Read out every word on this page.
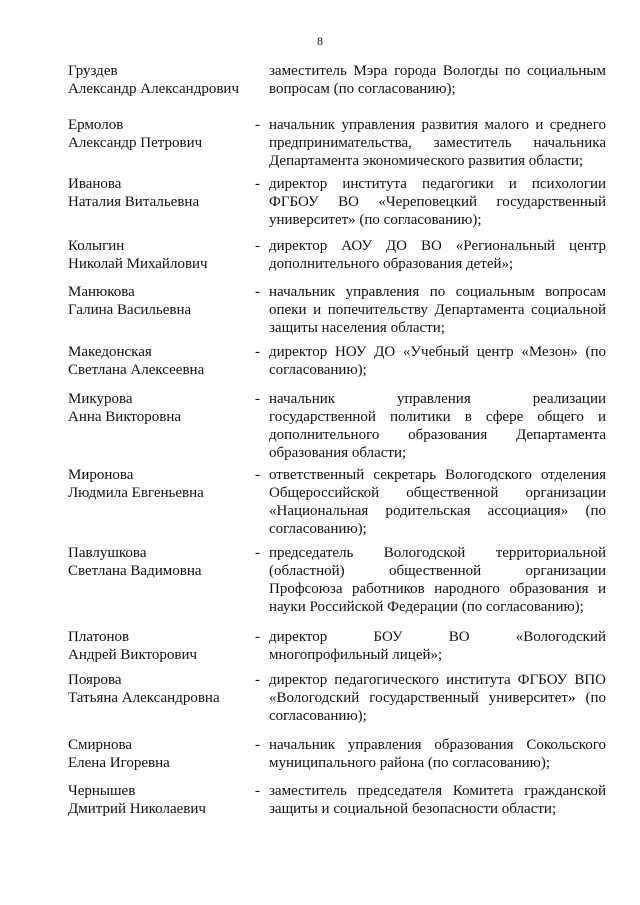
8
Груздев
Александр Александрович
заместитель Мэра города Вологды по социальным
вопросам (по согласованию);
Ермолов
Александр Петрович
- начальник управления развития малого и среднего
предпринимательства, заместитель начальника
Департамента экономического развития области;
Иванова
Наталия Витальевна
- директор института педагогики и психологии
ФГБОУ ВО «Череповецкий государственный
университет» (по согласованию);
Колыгин
Николай Михайлович
- директор АОУ ДО ВО «Региональный центр
дополнительного образования детей»;
Манюкова
Галина Васильевна
- начальник управления по социальным вопросам
опеки и попечительству Департамента социальной
защиты населения области;
Македонская
Светлана Алексеевна
- директор НОУ ДО «Учебный центр «Мезон» (по
согласованию);
Микурова
Анна Викторовна
- начальник управления реализации
государственной политики в сфере общего и
дополнительного образования Департамента
образования области;
Миронова
Людмила Евгеньевна
- ответственный секретарь Вологодского отделения
Общероссийской общественной организации
«Национальная родительская ассоциация» (по
согласованию);
Павлушкова
Светлана Вадимовна
- председатель Вологодской территориальной
(областной) общественной организации
Профсоюза работников народного образования и
науки Российской Федерации (по согласованию);
Платонов
Андрей Викторович
- директор БОУ ВО «Вологодский
многопрофильный лицей»;
Поярова
Татьяна Александровна
- директор педагогического института ФГБОУ ВПО
«Вологодский государственный университет» (по
согласованию);
Смирнова
Елена Игоревна
- начальник управления образования Сокольского
муниципального района (по согласованию);
Чернышев
Дмитрий Николаевич
- заместитель председателя Комитета гражданской
защиты и социальной безопасности области;
